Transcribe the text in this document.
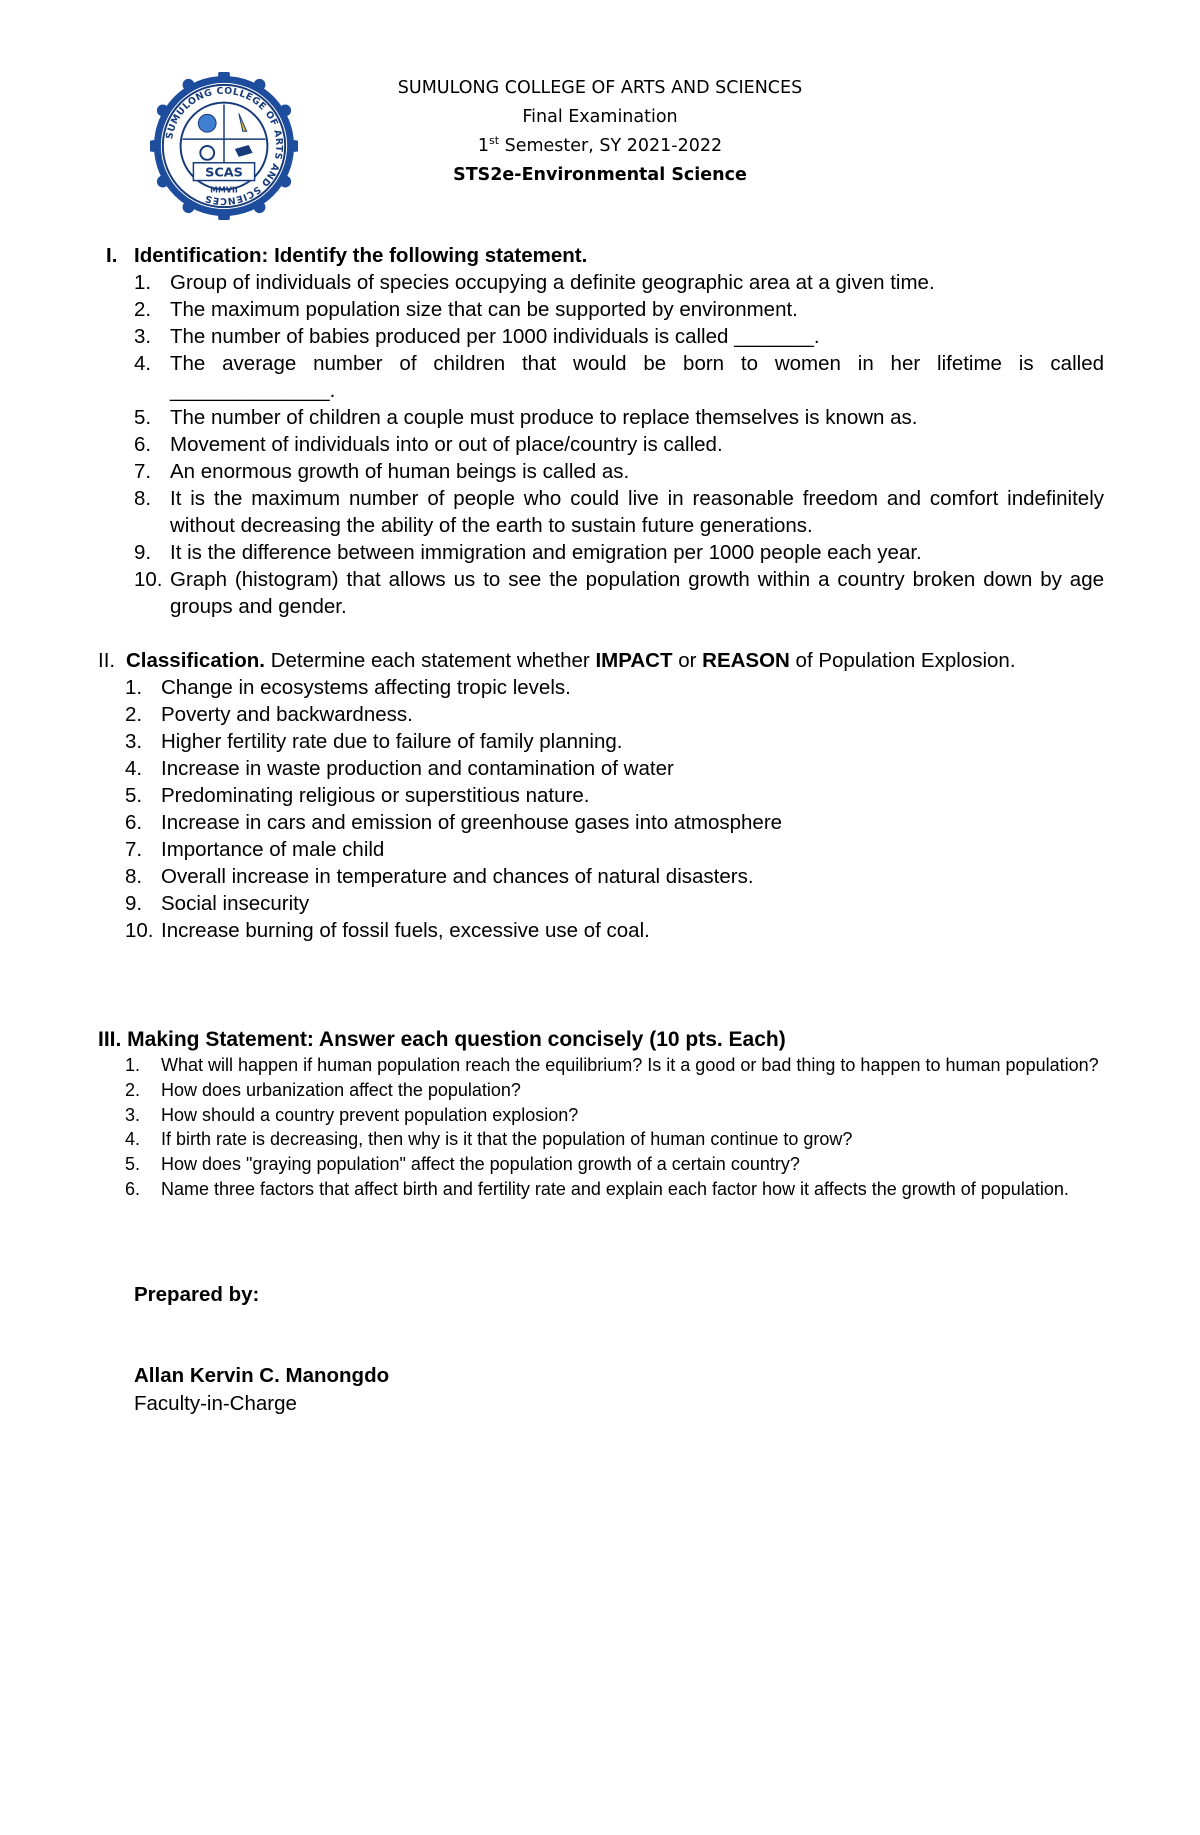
SUMULONG COLLEGE OF ARTS AND SCIENCES
SCAS
MMVII
SUMULONG COLLEGE OF ARTS AND SCIENCES
Final Examination
1st Semester, SY 2021-2022
STS2e-Environmental Science
I. Identification: Identify the following statement.
1. Group of individuals of species occupying a definite geographic area at a given time.
2. The maximum population size that can be supported by environment.
3. The number of babies produced per 1000 individuals is called _______.
4. The average number of children that would be born to women in her lifetime is called ______________.
5. The number of children a couple must produce to replace themselves is known as.
6. Movement of individuals into or out of place/country is called.
7. An enormous growth of human beings is called as.
8. It is the maximum number of people who could live in reasonable freedom and comfort indefinitely without decreasing the ability of the earth to sustain future generations.
9. It is the difference between immigration and emigration per 1000 people each year.
10. Graph (histogram) that allows us to see the population growth within a country broken down by age groups and gender.
II. Classification. Determine each statement whether IMPACT or REASON of Population Explosion.
1. Change in ecosystems affecting tropic levels.
2. Poverty and backwardness.
3. Higher fertility rate due to failure of family planning.
4. Increase in waste production and contamination of water
5. Predominating religious or superstitious nature.
6. Increase in cars and emission of greenhouse gases into atmosphere
7. Importance of male child
8. Overall increase in temperature and chances of natural disasters.
9. Social insecurity
10. Increase burning of fossil fuels, excessive use of coal.
III. Making Statement: Answer each question concisely (10 pts. Each)
1. What will happen if human population reach the equilibrium? Is it a good or bad thing to happen to human population?
2. How does urbanization affect the population?
3. How should a country prevent population explosion?
4. If birth rate is decreasing, then why is it that the population of human continue to grow?
5. How does "graying population" affect the population growth of a certain country?
6. Name three factors that affect birth and fertility rate and explain each factor how it affects the growth of population.
Prepared by:
Allan Kervin C. Manongdo
Faculty-in-Charge
